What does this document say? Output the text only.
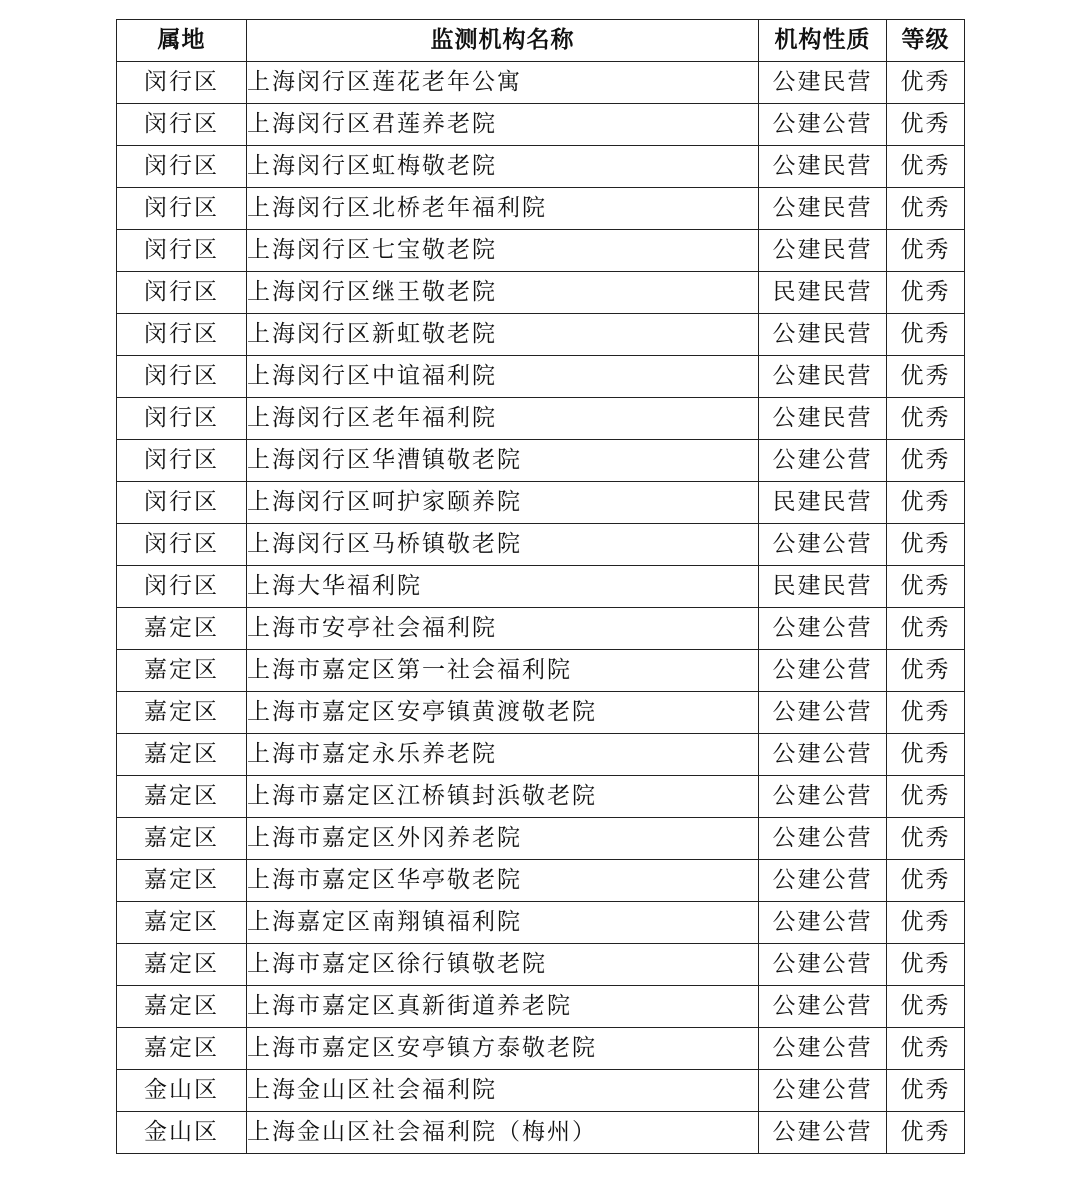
属地	监测机构名称	机构性质	等级
闵行区	上海闵行区莲花老年公寓	公建民营	优秀
闵行区	上海闵行区君莲养老院	公建公营	优秀
闵行区	上海闵行区虹梅敬老院	公建民营	优秀
闵行区	上海闵行区北桥老年福利院	公建民营	优秀
闵行区	上海闵行区七宝敬老院	公建民营	优秀
闵行区	上海闵行区继王敬老院	民建民营	优秀
闵行区	上海闵行区新虹敬老院	公建民营	优秀
闵行区	上海闵行区中谊福利院	公建民营	优秀
闵行区	上海闵行区老年福利院	公建民营	优秀
闵行区	上海闵行区华漕镇敬老院	公建公营	优秀
闵行区	上海闵行区呵护家颐养院	民建民营	优秀
闵行区	上海闵行区马桥镇敬老院	公建公营	优秀
闵行区	上海大华福利院	民建民营	优秀
嘉定区	上海市安亭社会福利院	公建公营	优秀
嘉定区	上海市嘉定区第一社会福利院	公建公营	优秀
嘉定区	上海市嘉定区安亭镇黄渡敬老院	公建公营	优秀
嘉定区	上海市嘉定永乐养老院	公建公营	优秀
嘉定区	上海市嘉定区江桥镇封浜敬老院	公建公营	优秀
嘉定区	上海市嘉定区外冈养老院	公建公营	优秀
嘉定区	上海市嘉定区华亭敬老院	公建公营	优秀
嘉定区	上海嘉定区南翔镇福利院	公建公营	优秀
嘉定区	上海市嘉定区徐行镇敬老院	公建公营	优秀
嘉定区	上海市嘉定区真新街道养老院	公建公营	优秀
嘉定区	上海市嘉定区安亭镇方泰敬老院	公建公营	优秀
金山区	上海金山区社会福利院	公建公营	优秀
金山区	上海金山区社会福利院（梅州）	公建公营	优秀
